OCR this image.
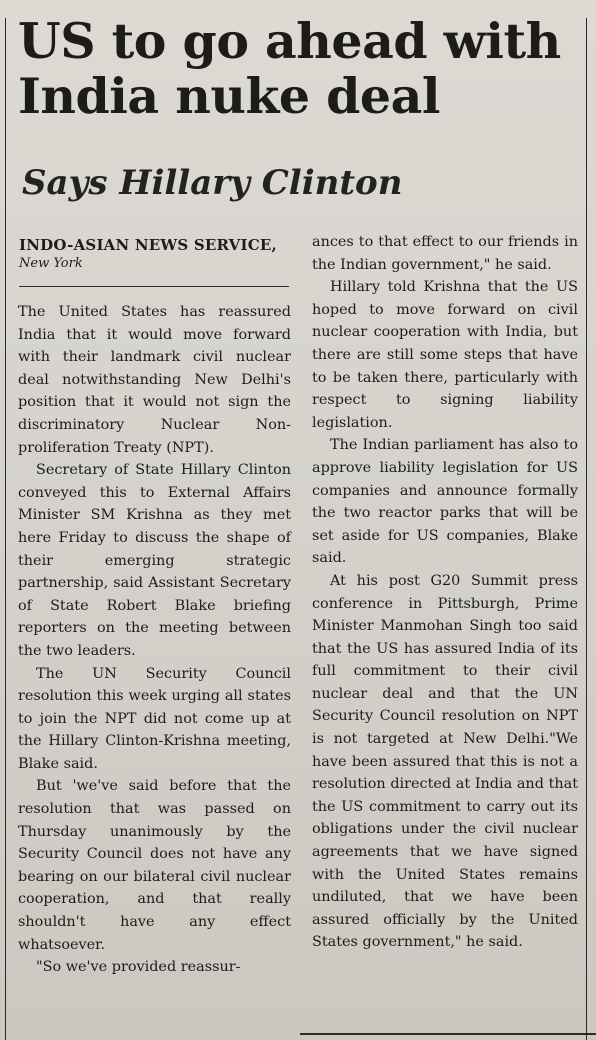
US to go ahead with India nuke deal
Says Hillary Clinton
INDO-ASIAN NEWS SERVICE,
New York

The United States has reassured India that it would move forward with their landmark civil nuclear deal notwithstanding New Delhi's position that it would not sign the discriminatory Nuclear Non-proliferation Treaty (NPT).

Secretary of State Hillary Clinton conveyed this to External Affairs Minister SM Krishna as they met here Friday to discuss the shape of their emerging strategic partnership, said Assistant Secretary of State Robert Blake briefing reporters on the meeting between the two leaders.

The UN Security Council resolution this week urging all states to join the NPT did not come up at the Hillary Clinton-Krishna meeting, Blake said.

But 'we've said before that the resolution that was passed on Thursday unanimously by the Security Council does not have any bearing on our bilateral civil nuclear cooperation, and that really shouldn't have any effect whatsoever.

"So we've provided reassur-

ances to that effect to our friends in the Indian government," he said.

Hillary told Krishna that the US hoped to move forward on civil nuclear cooperation with India, but there are still some steps that have to be taken there, particularly with respect to signing liability legislation.

The Indian parliament has also to approve liability legislation for US companies and announce formally the two reactor parks that will be set aside for US companies, Blake said.

At his post G20 Summit press conference in Pittsburgh, Prime Minister Manmohan Singh too said that the US has assured India of its full commitment to their civil nuclear deal and that the UN Security Council resolution on NPT is not targeted at New Delhi."We have been assured that this is not a resolution directed at India and that the US commitment to carry out its obligations under the civil nuclear agreements that we have signed with the United States remains undiluted, that we have been assured officially by the United States government," he said.
